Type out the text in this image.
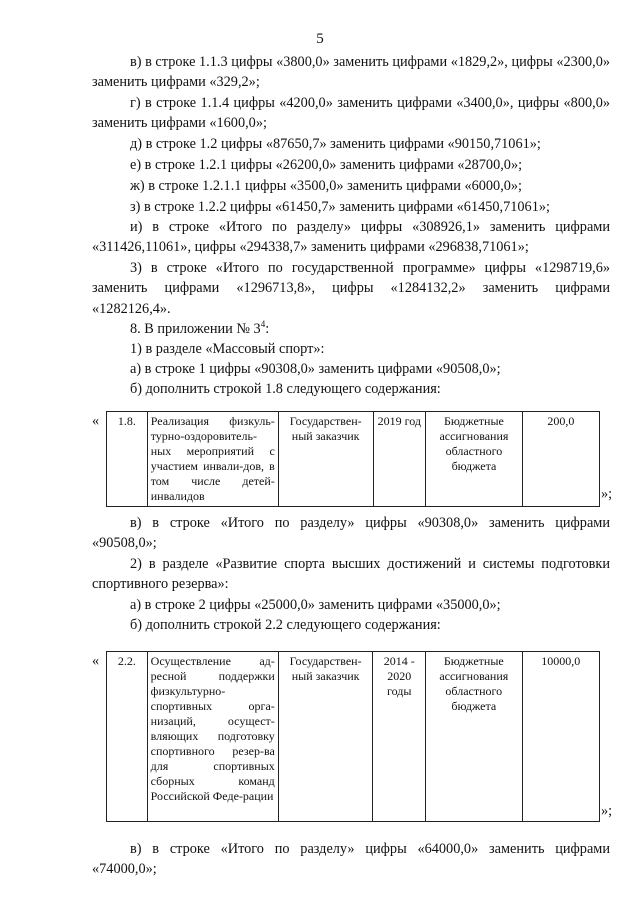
5

в) в строке 1.1.3 цифры «3800,0» заменить цифрами «1829,2», цифры «2300,0» заменить цифрами «329,2»;

г) в строке 1.1.4 цифры «4200,0» заменить цифрами «3400,0», цифры «800,0» заменить цифрами «1600,0»;

д) в строке 1.2 цифры «87650,7» заменить цифрами «90150,71061»;

е) в строке 1.2.1 цифры «26200,0» заменить цифрами «28700,0»;

ж) в строке 1.2.1.1 цифры «3500,0» заменить цифрами «6000,0»;

з) в строке 1.2.2 цифры «61450,7» заменить цифрами «61450,71061»;

и) в строке «Итого по разделу» цифры «308926,1» заменить цифрами «311426,11061», цифры «294338,7» заменить цифрами «296838,71061»;

3) в строке «Итого по государственной программе» цифры «1298719,6» заменить цифрами «1296713,8», цифры «1284132,2» заменить цифрами «1282126,4».

8. В приложении № $3^4$:

1) в разделе «Массовый спорт»:

а) в строке 1 цифры «90308,0» заменить цифрами «90508,0»;

б) дополнить строкой 1.8 следующего содержания:

« 1.8.	Реализация физкуль-турно-оздоровитель-ных мероприятий с участием инвали-дов, в том числе детей-инвалидов	Государствен-ный заказчик	2019 год	Бюджетные ассигнования областного бюджета	200,0
»;

в) в строке «Итого по разделу» цифры «90308,0» заменить цифрами «90508,0»;

2) в разделе «Развитие спорта высших достижений и системы подготовки спортивного резерва»:

а) в строке 2 цифры «25000,0» заменить цифрами «35000,0»;

б) дополнить строкой 2.2 следующего содержания:

« 2.2.	Осуществление ад-ресной поддержки физкультурно-спортивных орга-низаций, осущест-вляющих подготовку спортивного резер-ва для спортивных сборных команд Российской Феде-рации	Государствен-ный заказчик	2014 - 2020 годы	Бюджетные ассигнования областного бюджета	10000,0
»;

в) в строке «Итого по разделу» цифры «64000,0» заменить цифрами «74000,0»;
